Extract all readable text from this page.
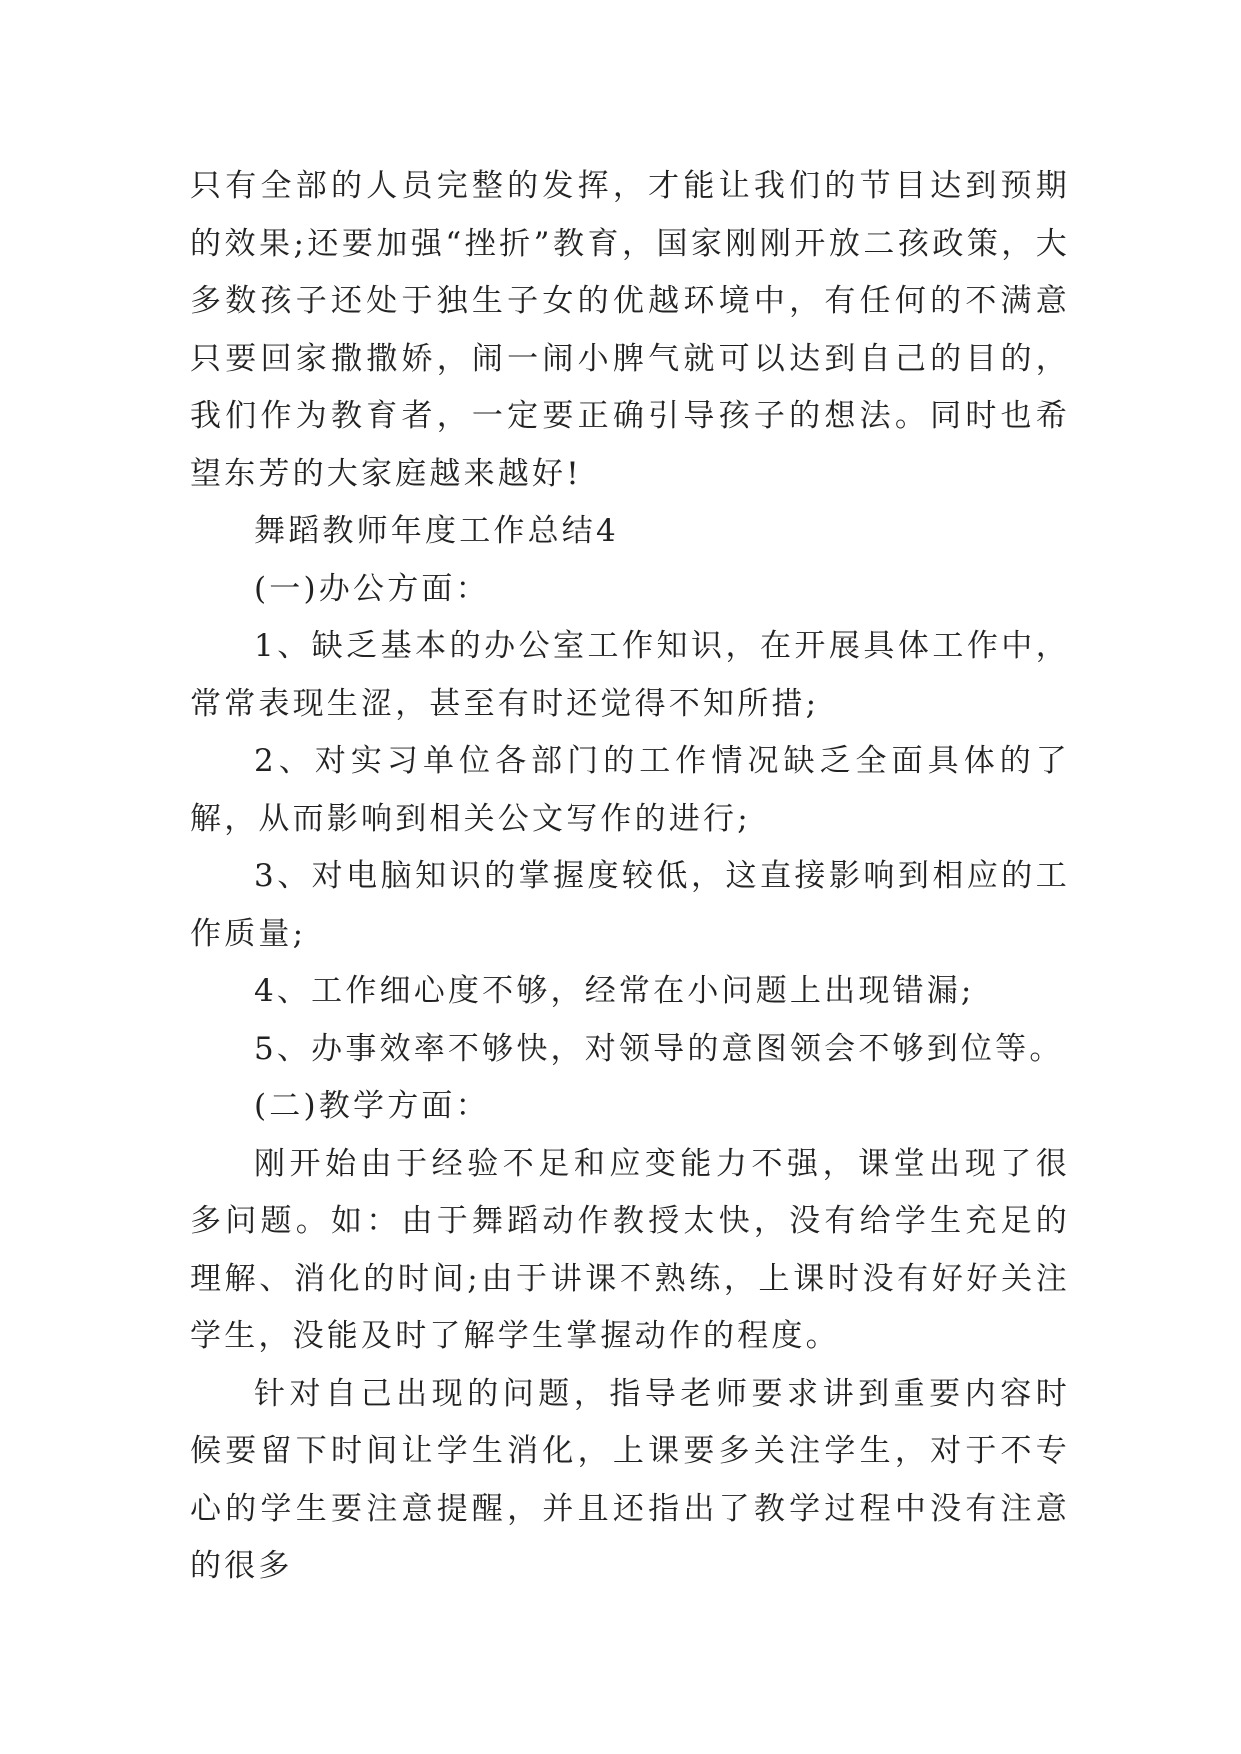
只有全部的人员完整的发挥，才能让我们的节目达到预期的效果;还要加强“挫折”教育，国家刚刚开放二孩政策，大多数孩子还处于独生子女的优越环境中，有任何的不满意只要回家撒撒娇，闹一闹小脾气就可以达到自己的目的，我们作为教育者，一定要正确引导孩子的想法。同时也希望东芳的大家庭越来越好!

舞蹈教师年度工作总结4

(一)办公方面：

1、缺乏基本的办公室工作知识，在开展具体工作中，常常表现生涩，甚至有时还觉得不知所措;

2、对实习单位各部门的工作情况缺乏全面具体的了解，从而影响到相关公文写作的进行;

3、对电脑知识的掌握度较低，这直接影响到相应的工作质量;

4、工作细心度不够，经常在小问题上出现错漏;

5、办事效率不够快，对领导的意图领会不够到位等。

(二)教学方面：

刚开始由于经验不足和应变能力不强，课堂出现了很多问题。如：由于舞蹈动作教授太快，没有给学生充足的理解、消化的时间;由于讲课不熟练，上课时没有好好关注学生，没能及时了解学生掌握动作的程度。

针对自己出现的问题，指导老师要求讲到重要内容时候要留下时间让学生消化，上课要多关注学生，对于不专心的学生要注意提醒，并且还指出了教学过程中没有注意的很多
